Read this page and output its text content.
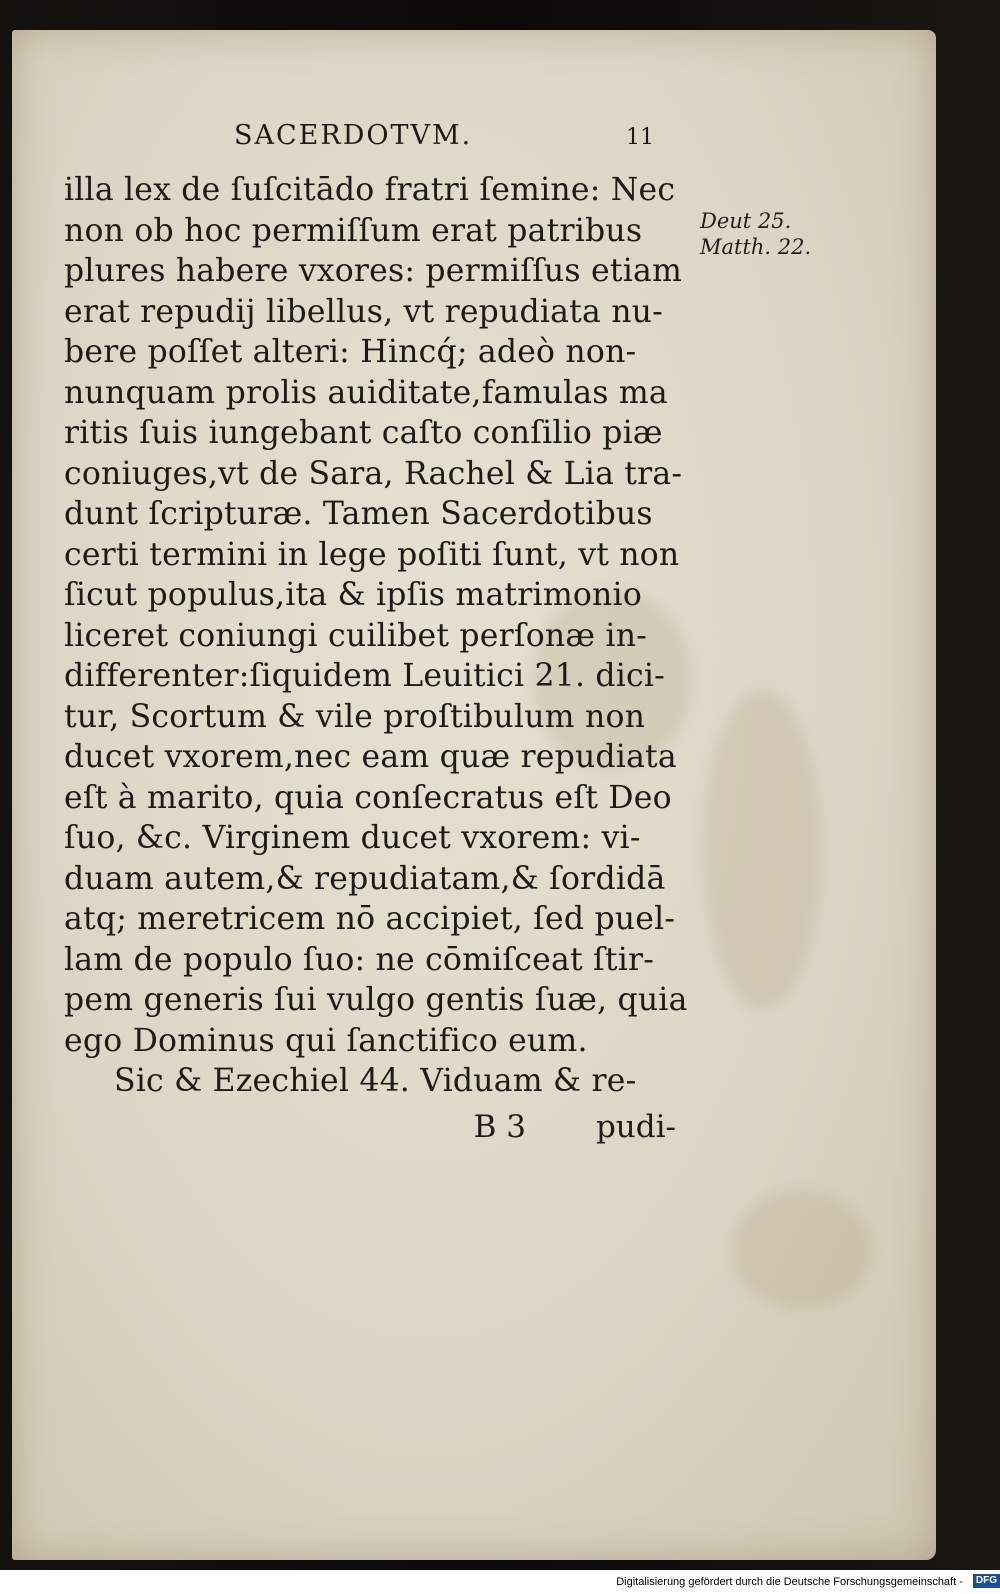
SACERDOTVM.	11
illa lex de ſuſcitādo fratri ſemine: Nec
non ob hoc permiſſum erat patribus
plures habere vxores: permiſſus etiam
erat repudij libellus, vt repudiata nu-
bere poſſet alteri: Hincq́; adeò non-
nunquam prolis auiditate,famulas ma
ritis ſuis iungebant caſto conſilio piæ
coniuges,vt de Sara, Rachel & Lia tra-
dunt ſcripturæ. Tamen Sacerdotibus
certi termini in lege poſiti ſunt, vt non
ſicut populus,ita & ipſis matrimonio
liceret coniungi cuilibet perſonæ in-
differenter:ſiquidem Leuitici 21. dici-
tur, Scortum & vile proſtibulum non
ducet vxorem,nec eam quæ repudiata
eſt à marito, quia conſecratus eſt Deo
ſuo, &c. Virginem ducet vxorem: vi-
duam autem,& repudiatam,& ſordidā
atq; meretricem nō accipiet, ſed puel-
lam de populo ſuo: ne cōmiſceat ſtir-
pem generis ſui vulgo gentis ſuæ, quia
ego Dominus qui ſanctifico eum.
Sic & Ezechiel 44. Viduam & re-
B 3 pudi-
Deut 25.
Matth. 22.
Digitalisierung gefördert durch die Deutsche Forschungsgemeinschaft - DFG
